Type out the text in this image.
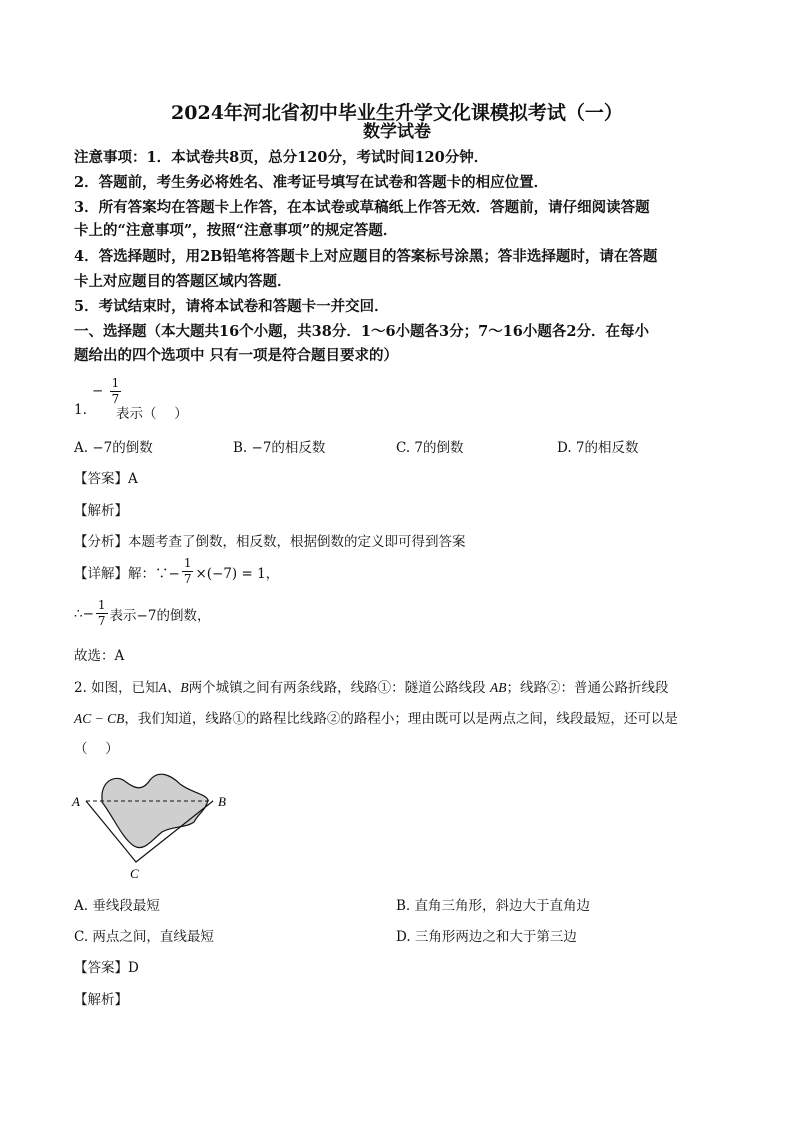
2024年河北省初中毕业生升学文化课模拟考试（一）
数学试卷
注意事项：1．本试卷共8页，总分120分，考试时间120分钟．
2．答题前，考生务必将姓名、准考证号填写在试卷和答题卡的相应位置．
3．所有答案均在答题卡上作答，在本试卷或草稿纸上作答无效．答题前，请仔细阅读答题
卡上的“注意事项”，按照“注意事项”的规定答题．
4．答选择题时，用2B铅笔将答题卡上对应题目的答案标号涂黑；答非选择题时，请在答题
卡上对应题目的答题区域内答题．
5．考试结束时，请将本试卷和答题卡一并交回．
一、选择题（本大题共16个小题，共38分．1～6小题各3分；7～16小题各2分．在每小
题给出的四个选项中 只有一项是符合题目要求的）
− $\frac{1}{7}$
1. 表示（　 ）
A. −7的倒数	B. −7的相反数	C. 7的倒数	D. 7的相反数
【答案】A
【解析】
【分析】本题考查了倒数，相反数，根据倒数的定义即可得到答案
【详解】解：∵− $\frac{1}{7} \times(-7) = 1$，
∴− $\frac{1}{7}$ 表示−7的倒数，
故选：A
2. 如图，已知A、B两个城镇之间有两条线路，线路①：隧道公路线段 AB；线路②：普通公路折线段
AC − CB，我们知道，线路①的路程比线路②的路程小；理由既可以是两点之间，线段最短，还可以是
（　 ）
A	B
C
A. 垂线段最短	B. 直角三角形，斜边大于直角边
C. 两点之间，直线最短	D. 三角形两边之和大于第三边
【答案】D
【解析】
